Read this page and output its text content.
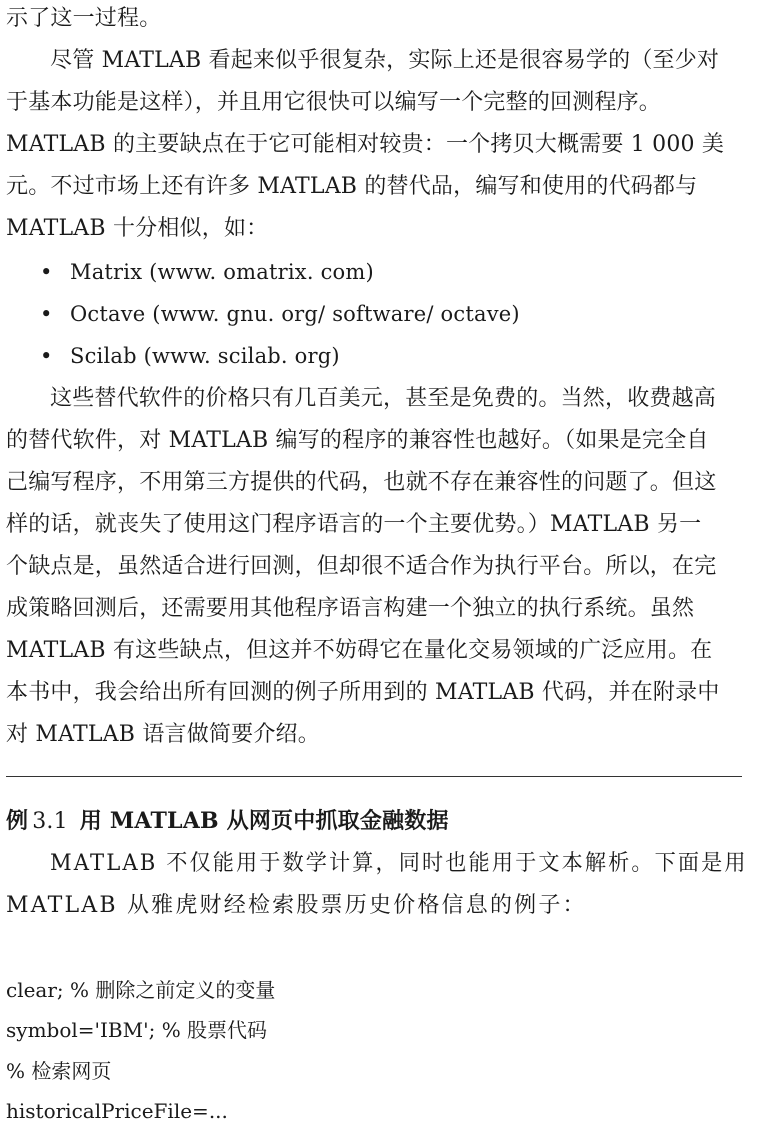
示了这一过程。
尽管 MATLAB 看起来似乎很复杂，实际上还是很容易学的（至少对
于基本功能是这样），并且用它很快可以编写一个完整的回测程序。
MATLAB 的主要缺点在于它可能相对较贵：一个拷贝大概需要 1 000 美
元。不过市场上还有许多 MATLAB 的替代品，编写和使用的代码都与
MATLAB 十分相似，如：
• Matrix (www. omatrix. com)
• Octave (www. gnu. org/ software/ octave)
• Scilab (www. scilab. org)
这些替代软件的价格只有几百美元，甚至是免费的。当然，收费越高
的替代软件，对 MATLAB 编写的程序的兼容性也越好。（如果是完全自
己编写程序，不用第三方提供的代码，也就不存在兼容性的问题了。但这
样的话，就丧失了使用这门程序语言的一个主要优势。）MATLAB 另一
个缺点是，虽然适合进行回测，但却很不适合作为执行平台。所以，在完
成策略回测后，还需要用其他程序语言构建一个独立的执行系统。虽然
MATLAB 有这些缺点，但这并不妨碍它在量化交易领域的广泛应用。在
本书中，我会给出所有回测的例子所用到的 MATLAB 代码，并在附录中
对 MATLAB 语言做简要介绍。
例 3.1 用 MATLAB 从网页中抓取金融数据
MATLAB 不仅能用于数学计算，同时也能用于文本解析。下面是用
MATLAB 从雅虎财经检索股票历史价格信息的例子：
clear; % 删除之前定义的变量
symbol='IBM'; % 股票代码
% 检索网页
historicalPriceFile=...
